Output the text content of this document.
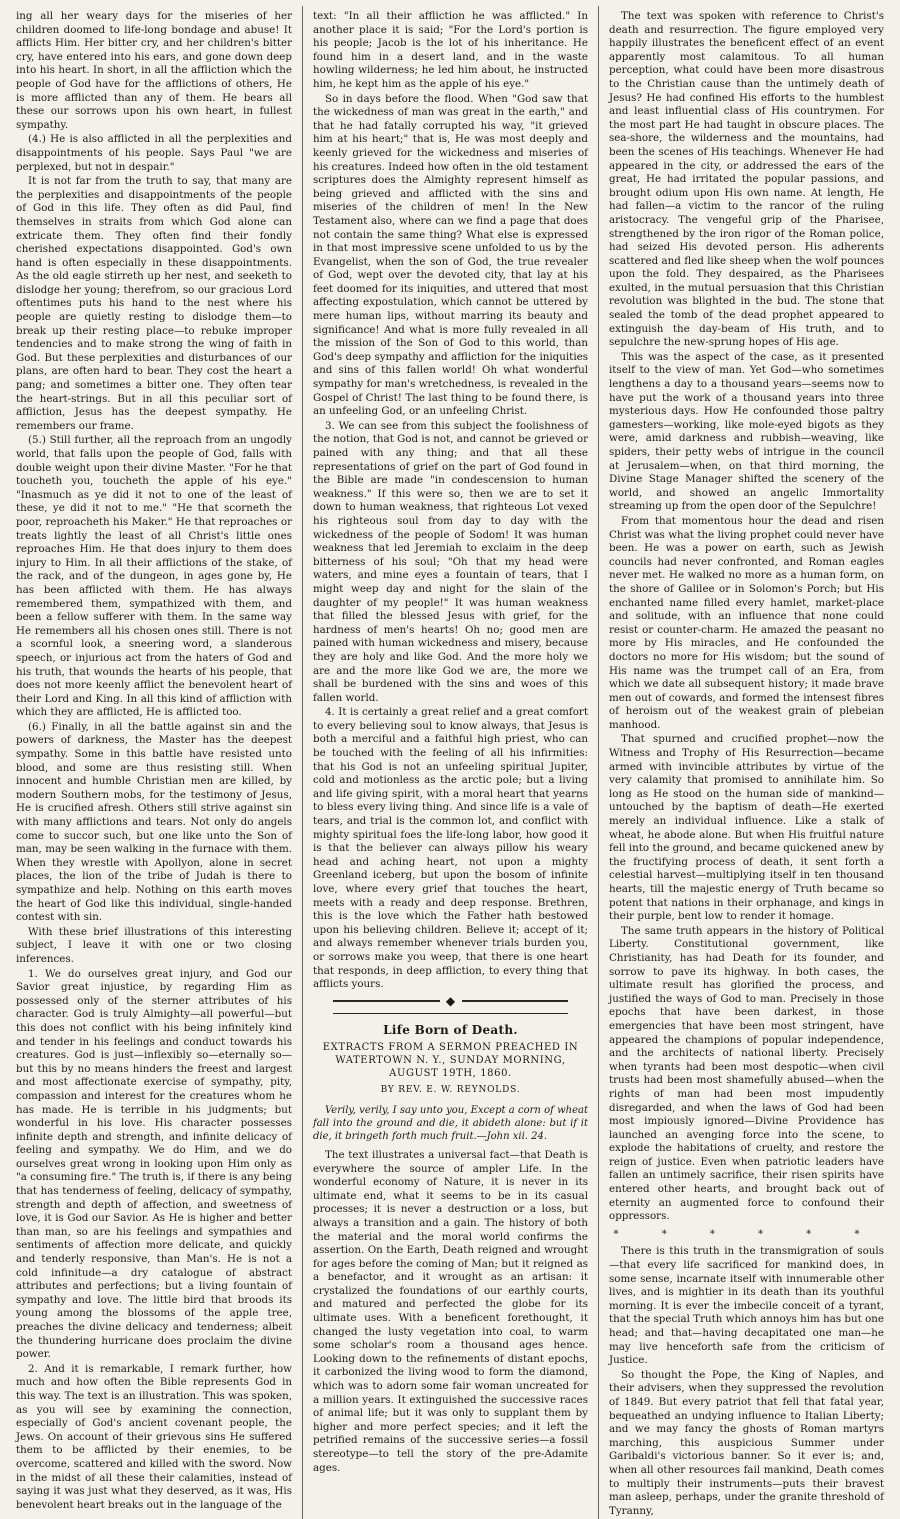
ing all her weary days for the miseries of her children doomed to life-long bondage and abuse! It afflicts Him. Her bitter cry, and her children's bitter cry, have entered into his ears, and gone down deep into his heart. In short, in all the affliction which the people of God have for the afflictions of others, He is more afflicted than any of them. He bears all these our sorrows upon his own heart, in fullest sympathy.

(4.) He is also afflicted in all the perplexities and disappointments of his people. Says Paul "we are perplexed, but not in despair."

It is not far from the truth to say, that many are the perplexities and disappointments of the people of God in this life. They often as did Paul, find themselves in straits from which God alone can extricate them. They often find their fondly cherished expectations disappointed. God's own hand is often especially in these disappointments. As the old eagle stirreth up her nest, and seeketh to dislodge her young; therefrom, so our gracious Lord oftentimes puts his hand to the nest where his people are quietly resting to dislodge them—to break up their resting place—to rebuke improper tendencies and to make strong the wing of faith in God. But these perplexities and disturbances of our plans, are often hard to bear. They cost the heart a pang; and sometimes a bitter one. They often tear the heart-strings. But in all this peculiar sort of affliction, Jesus has the deepest sympathy. He remembers our frame.

(5.) Still further, all the reproach from an ungodly world, that falls upon the people of God, falls with double weight upon their divine Master. "For he that toucheth you, toucheth the apple of his eye." "Inasmuch as ye did it not to one of the least of these, ye did it not to me." "He that scorneth the poor, reproacheth his Maker." He that reproaches or treats lightly the least of all Christ's little ones reproaches Him. He that does injury to them does injury to Him. In all their afflictions of the stake, of the rack, and of the dungeon, in ages gone by, He has been afflicted with them. He has always remembered them, sympathized with them, and been a fellow sufferer with them. In the same way He remembers all his chosen ones still. There is not a scornful look, a sneering word, a slanderous speech, or injurious act from the haters of God and his truth, that wounds the hearts of his people, that does not more keenly afflict the benevolent heart of their Lord and King. In all this kind of affliction with which they are afflicted, He is afflicted too.

(6.) Finally, in all the battle against sin and the powers of darkness, the Master has the deepest sympathy. Some in this battle have resisted unto blood, and some are thus resisting still. When innocent and humble Christian men are killed, by modern Southern mobs, for the testimony of Jesus, He is crucified afresh. Others still strive against sin with many afflictions and tears. Not only do angels come to succor such, but one like unto the Son of man, may be seen walking in the furnace with them. When they wrestle with Apollyon, alone in secret places, the lion of the tribe of Judah is there to sympathize and help. Nothing on this earth moves the heart of God like this individual, single-handed contest with sin.

With these brief illustrations of this interesting subject, I leave it with one or two closing inferences.

1. We do ourselves great injury, and God our Savior great injustice, by regarding Him as possessed only of the sterner attributes of his character. God is truly Almighty—all powerful—but this does not conflict with his being infinitely kind and tender in his feelings and conduct towards his creatures. God is just—inflexibly so—eternally so—but this by no means hinders the freest and largest and most affectionate exercise of sympathy, pity, compassion and interest for the creatures whom he has made. He is terrible in his judgments; but wonderful in his love. His character possesses infinite depth and strength, and infinite delicacy of feeling and sympathy. We do Him, and we do ourselves great wrong in looking upon Him only as "a consuming fire." The truth is, if there is any being that has tenderness of feeling, delicacy of sympathy, strength and depth of affection, and sweetness of love, it is God our Savior. As He is higher and better than man, so are his feelings and sympathies and sentiments of affection more delicate, and quickly and tenderly responsive, than Man's. He is not a cold infinitude—a dry catalogue of abstract attributes and perfections; but a living fountain of sympathy and love. The little bird that broods its young among the blossoms of the apple tree, preaches the divine delicacy and tenderness; albeit the thundering hurricane does proclaim the divine power.

2. And it is remarkable, I remark further, how much and how often the Bible represents God in this way. The text is an illustration. This was spoken, as you will see by examining the connection, especially of God's ancient covenant people, the Jews. On account of their grievous sins He suffered them to be afflicted by their enemies, to be overcome, scattered and killed with the sword. Now in the midst of all these their calamities, instead of saying it was just what they deserved, as it was, His benevolent heart breaks out in the language of the

text: "In all their affliction he was afflicted." In another place it is said; "For the Lord's portion is his people; Jacob is the lot of his inheritance. He found him in a desert land, and in the waste howling wilderness; he led him about, he instructed him, he kept him as the apple of his eye."

So in days before the flood. When "God saw that the wickedness of man was great in the earth," and that he had fatally corrupted his way, "it grieved him at his heart;" that is, He was most deeply and keenly grieved for the wickedness and miseries of his creatures. Indeed how often in the old testament scriptures does the Almighty represent himself as being grieved and afflicted with the sins and miseries of the children of men! In the New Testament also, where can we find a page that does not contain the same thing? What else is expressed in that most impressive scene unfolded to us by the Evangelist, when the son of God, the true revealer of God, wept over the devoted city, that lay at his feet doomed for its iniquities, and uttered that most affecting expostulation, which cannot be uttered by mere human lips, without marring its beauty and significance! And what is more fully revealed in all the mission of the Son of God to this world, than God's deep sympathy and affliction for the iniquities and sins of this fallen world! Oh what wonderful sympathy for man's wretchedness, is revealed in the Gospel of Christ! The last thing to be found there, is an unfeeling God, or an unfeeling Christ.

3. We can see from this subject the foolishness of the notion, that God is not, and cannot be grieved or pained with any thing; and that all these representations of grief on the part of God found in the Bible are made "in condescension to human weakness." If this were so, then we are to set it down to human weakness, that righteous Lot vexed his righteous soul from day to day with the wickedness of the people of Sodom! It was human weakness that led Jeremiah to exclaim in the deep bitterness of his soul; "Oh that my head were waters, and mine eyes a fountain of tears, that I might weep day and night for the slain of the daughter of my people!" It was human weakness that filled the blessed Jesus with grief, for the hardness of men's hearts! Oh no; good men are pained with human wickedness and misery, because they are holy and like God. And the more holy we are and the more like God we are, the more we shall be burdened with the sins and woes of this fallen world.

4. It is certainly a great relief and a great comfort to every believing soul to know always, that Jesus is both a merciful and a faithful high priest, who can be touched with the feeling of all his infirmities: that his God is not an unfeeling spiritual Jupiter, cold and motionless as the arctic pole; but a living and life giving spirit, with a moral heart that yearns to bless every living thing. And since life is a vale of tears, and trial is the common lot, and conflict with mighty spiritual foes the life-long labor, how good it is that the believer can always pillow his weary head and aching heart, not upon a mighty Greenland iceberg, but upon the bosom of infinite love, where every grief that touches the heart, meets with a ready and deep response. Brethren, this is the love which the Father hath bestowed upon his believing children. Believe it; accept of it; and always remember whenever trials burden you, or sorrows make you weep, that there is one heart that responds, in deep affliction, to every thing that afflicts yours.

◆
Life Born of Death.
EXTRACTS FROM A SERMON PREACHED IN WATERTOWN N. Y., SUNDAY MORNING, AUGUST 19TH, 1860.
BY REV. E. W. REYNOLDS.
Verily, verily, I say unto you, Except a corn of wheat fall into the ground and die, it abideth alone: but if it die, it bringeth forth much fruit.—John xii. 24.

The text illustrates a universal fact—that Death is everywhere the source of ampler Life. In the wonderful economy of Nature, it is never in its ultimate end, what it seems to be in its casual processes; it is never a destruction or a loss, but always a transition and a gain. The history of both the material and the moral world confirms the assertion. On the Earth, Death reigned and wrought for ages before the coming of Man; but it reigned as a benefactor, and it wrought as an artisan: it crystalized the foundations of our earthly courts, and matured and perfected the globe for its ultimate uses. With a beneficent forethought, it changed the lusty vegetation into coal, to warm some scholar's room a thousand ages hence. Looking down to the refinements of distant epochs, it carbonized the living wood to form the diamond, which was to adorn some fair woman uncreated for a million years. It extinguished the successive races of animal life; but it was only to supplant them by higher and more perfect species; and it left the petrified remains of the successive series—a fossil stereotype—to tell the story of the pre-Adamite ages.

The text was spoken with reference to Christ's death and resurrection. The figure employed very happily illustrates the beneficent effect of an event apparently most calamitous. To all human perception, what could have been more disastrous to the Christian cause than the untimely death of Jesus? He had confined His efforts to the humblest and least influential class of His countrymen. For the most part He had taught in obscure places. The sea-shore, the wilderness and the mountains, had been the scenes of His teachings. Whenever He had appeared in the city, or addressed the ears of the great, He had irritated the popular passions, and brought odium upon His own name. At length, He had fallen—a victim to the rancor of the ruling aristocracy. The vengeful grip of the Pharisee, strengthened by the iron rigor of the Roman police, had seized His devoted person. His adherents scattered and fled like sheep when the wolf pounces upon the fold. They despaired, as the Pharisees exulted, in the mutual persuasion that this Christian revolution was blighted in the bud. The stone that sealed the tomb of the dead prophet appeared to extinguish the day-beam of His truth, and to sepulchre the new-sprung hopes of His age.

This was the aspect of the case, as it presented itself to the view of man. Yet God—who sometimes lengthens a day to a thousand years—seems now to have put the work of a thousand years into three mysterious days. How He confounded those paltry gamesters—working, like mole-eyed bigots as they were, amid darkness and rubbish—weaving, like spiders, their petty webs of intrigue in the council at Jerusalem—when, on that third morning, the Divine Stage Manager shifted the scenery of the world, and showed an angelic Immortality streaming up from the open door of the Sepulchre!

From that momentous hour the dead and risen Christ was what the living prophet could never have been. He was a power on earth, such as Jewish councils had never confronted, and Roman eagles never met. He walked no more as a human form, on the shore of Galilee or in Solomon's Porch; but His enchanted name filled every hamlet, market-place and solitude, with an influence that none could resist or counter-charm. He amazed the peasant no more by His miracles, and He confounded the doctors no more for His wisdom; but the sound of His name was the trumpet call of an Era, from which we date all subsequent history; it made brave men out of cowards, and formed the intensest fibres of heroism out of the weakest grain of plebeian manhood.

That spurned and crucified prophet—now the Witness and Trophy of His Resurrection—became armed with invincible attributes by virtue of the very calamity that promised to annihilate him. So long as He stood on the human side of mankind—untouched by the baptism of death—He exerted merely an individual influence. Like a stalk of wheat, he abode alone. But when His fruitful nature fell into the ground, and became quickened anew by the fructifying process of death, it sent forth a celestial harvest—multiplying itself in ten thousand hearts, till the majestic energy of Truth became so potent that nations in their orphanage, and kings in their purple, bent low to render it homage.

The same truth appears in the history of Political Liberty. Constitutional government, like Christianity, has had Death for its founder, and sorrow to pave its highway. In both cases, the ultimate result has glorified the process, and justified the ways of God to man. Precisely in those epochs that have been darkest, in those emergencies that have been most stringent, have appeared the champions of popular independence, and the architects of national liberty. Precisely when tyrants had been most despotic—when civil trusts had been most shamefully abused—when the rights of man had been most impudently disregarded, and when the laws of God had been most impiously ignored—Divine Providence has launched an avenging force into the scene, to explode the habitations of cruelty, and restore the reign of justice. Even when patriotic leaders have fallen an untimely sacrifice, their risen spirits have entered other hearts, and brought back out of eternity an augmented force to confound their oppressors.

* * * * * *

There is this truth in the transmigration of souls—that every life sacrificed for mankind does, in some sense, incarnate itself with innumerable other lives, and is mightier in its death than its youthful morning. It is ever the imbecile conceit of a tyrant, that the special Truth which annoys him has but one head; and that—having decapitated one man—he may live henceforth safe from the criticism of Justice.

So thought the Pope, the King of Naples, and their advisers, when they suppressed the revolution of 1849. But every patriot that fell that fatal year, bequeathed an undying influence to Italian Liberty; and we may fancy the ghosts of Roman martyrs marching, this auspicious Summer under Garibaldi's victorious banner. So it ever is; and, when all other resources fail mankind, Death comes to multiply their instruments—puts their bravest man asleep, perhaps, under the granite threshold of Tyranny,
